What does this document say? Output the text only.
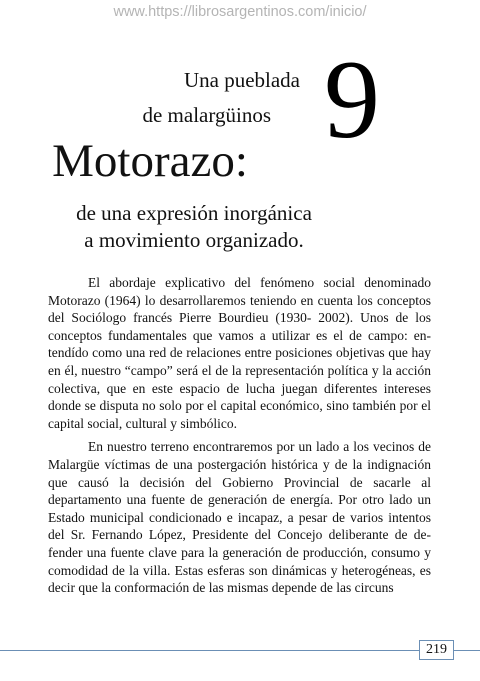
www.https://librosargentinos.com/inicio/
9
Una pueblada
de malargüinos
Motorazo:
de una expresión inorgánica
a movimiento organizado.

El abordaje explicativo del fenómeno social denominado Motorazo (1964) lo desarrollaremos teniendo en cuenta los conceptos del Sociólogo francés Pierre Bourdieu (1930- 2002). Unos de los conceptos fundamentales que vamos a utilizar es el de campo: entendído como una red de relaciones entre posiciones objetivas que hay en él, nuestro “campo” será el de la representación política y la acción colectiva, que en este espacio de lucha juegan diferentes intereses donde se disputa no solo por el capital económico, sino también por el capital social, cultural y simbólico.

En nuestro terreno encontraremos por un lado a los vecinos de Malargüe víctimas de una postergación histórica y de la indignación que causó la decisión del Gobierno Provincial de sacarle al departamento una fuente de generación de energía. Por otro lado un Estado municipal condicionado e incapaz, a pesar de varios intentos del Sr. Fernando López, Presidente del Concejo deliberante de defender una fuente clave para la generación de producción, consumo y comodidad de la villa. Estas esferas son dinámicas y heterogéneas, es decir que la conformación de las mismas depende de las circuns

219
